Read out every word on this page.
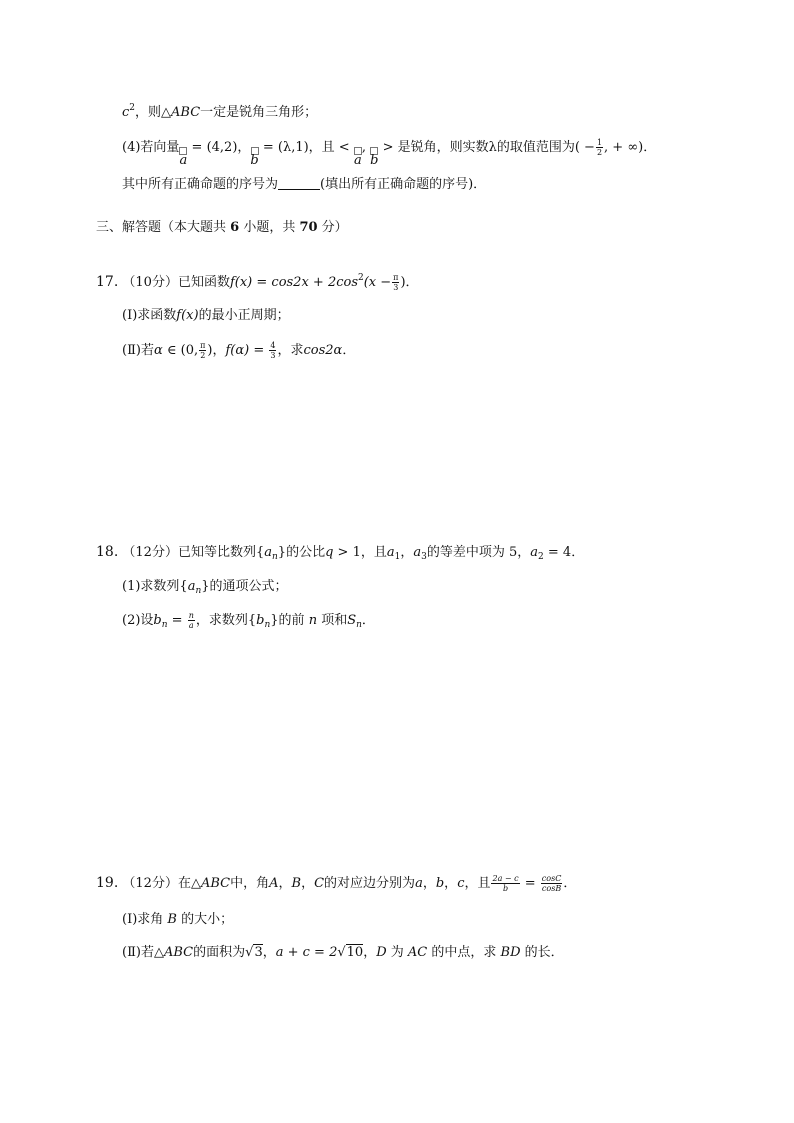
$c^2$，则△ABC一定是锐角三角形；
(4)若向量
a
= (4,2)，
b
= (λ,1)，且 <
a
,
b
> 是锐角，则实数λ的取值范围为( − $\frac{1}{2}$ , + ∞)．
其中所有正确命题的序号为	(填出所有正确命题的序号)．
三、解答题（本大题共 6 小题，共 70 分）
17. （10分）已知函数$f(x) = \cos 2x + 2\cos^2(x - \frac{\pi}{3}$ )．
(Ⅰ)求函数f(x)的最小正周期；
(Ⅱ)若α ∈ (0, $\frac{\pi}{2}$ )，$f(\alpha) = \frac{4}{3}$ ，求cos2α．
18. （12分）已知等比数列$\{a_n\}$的公比q > 1，且$a_1$，$a_3$的等差中项为 5，$a_2 = 4$．
(1)求数列$\{a_n\}$的通项公式；
(2)设$b_n = \frac{n}{a}$ ，求数列$\{b_n\}$的前 n 项和$S_n$．
19. （12分）在△ABC中，角A，B，C的对应边分别为a，b，c，且 $\frac{2a - c}{b} = \frac{\cos C}{\cos B}$ ．
(Ⅰ)求角 B 的大小；
(Ⅱ)若△ABC的面积为√3，a + c = 2√10，D 为 AC 的中点，求 BD 的长．
